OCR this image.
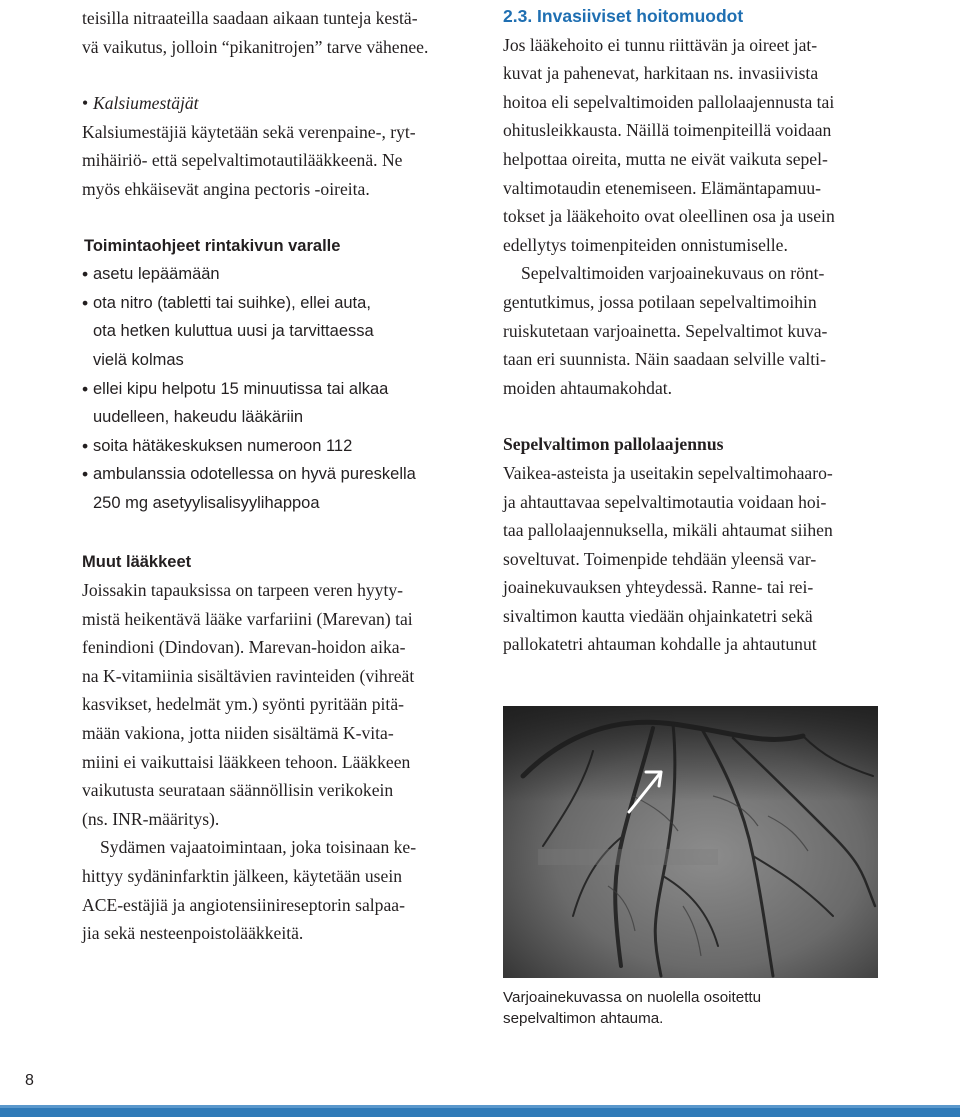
teisilla nitraateilla saadaan aikaan tunteja kestä-
vä vaikutus, jolloin “pikanitrojen” tarve vähenee.

• Kalsiumestäjät

Kalsiumestäjiä käytetään sekä verenpaine-, ryt-
mihäiriö- että sepelvaltimotautilääkkeenä. Ne
myös ehkäisevät angina pectoris -oireita.

Toimintaohjeet rintakivun varalle
• asetu lepäämään

• ota nitro (tabletti tai suihke), ellei auta,
ota hetken kuluttua uusi ja tarvittaessa
vielä kolmas

• ellei kipu helpotu 15 minuutissa tai alkaa
uudelleen, hakeudu lääkäriin

• soita hätäkeskuksen numeroon 112

• ambulanssia odotellessa on hyvä pureskella
250 mg asetyylisalisyylihappoa

Muut lääkkeet

Joissakin tapauksissa on tarpeen veren hyyty-
mistä heikentävä lääke varfariini (Marevan) tai
fenindioni (Dindovan). Marevan-hoidon aika-
na K-vitamiinia sisältävien ravinteiden (vihreät
kasvikset, hedelmät ym.) syönti pyritään pitä-
mään vakiona, jotta niiden sisältämä K-vita-
miini ei vaikuttaisi lääkkeen tehoon. Lääkkeen
vaikutusta seurataan säännöllisin verikokein
(ns. INR-määritys).

Sydämen vajaatoimintaan, joka toisinaan ke-
hittyy sydäninfarktin jälkeen, käytetään usein
ACE-estäjiä ja angiotensiinireseptorin salpaa-
jia sekä nesteenpoistolääkkeitä.

2.3. Invasiiviset hoitomuodot

Jos lääkehoito ei tunnu riittävän ja oireet jat-
kuvat ja pahenevat, harkitaan ns. invasiivista
hoitoa eli sepelvaltimoiden pallolaajennusta tai
ohitusleikkausta. Näillä toimenpiteillä voidaan
helpottaa oireita, mutta ne eivät vaikuta sepel-
valtimotaudin etenemiseen. Elämäntapamuu-
tokset ja lääkehoito ovat oleellinen osa ja usein
edellytys toimenpiteiden onnistumiselle.

Sepelvaltimoiden varjoainekuvaus on rönt-
gentutkimus, jossa potilaan sepelvaltimoihin
ruiskutetaan varjoainetta. Sepelvaltimot kuva-
taan eri suunnista. Näin saadaan selville valti-
moiden ahtaumakohdat.

Sepelvaltimon pallolaajennus

Vaikea-asteista ja useitakin sepelvaltimohaaro-
ja ahtauttavaa sepelvaltimotautia voidaan hoi-
taa pallolaajennuksella, mikäli ahtaumat siihen
soveltuvat. Toimenpide tehdään yleensä var-
joainekuvauksen yhteydessä. Ranne- tai rei-
sivaltimon kautta viedään ohjainkatetri sekä
pallokatetri ahtauman kohdalle ja ahtautunut

Varjoainekuvassa on nuolella osoitettu
sepelvaltimon ahtauma.
8
